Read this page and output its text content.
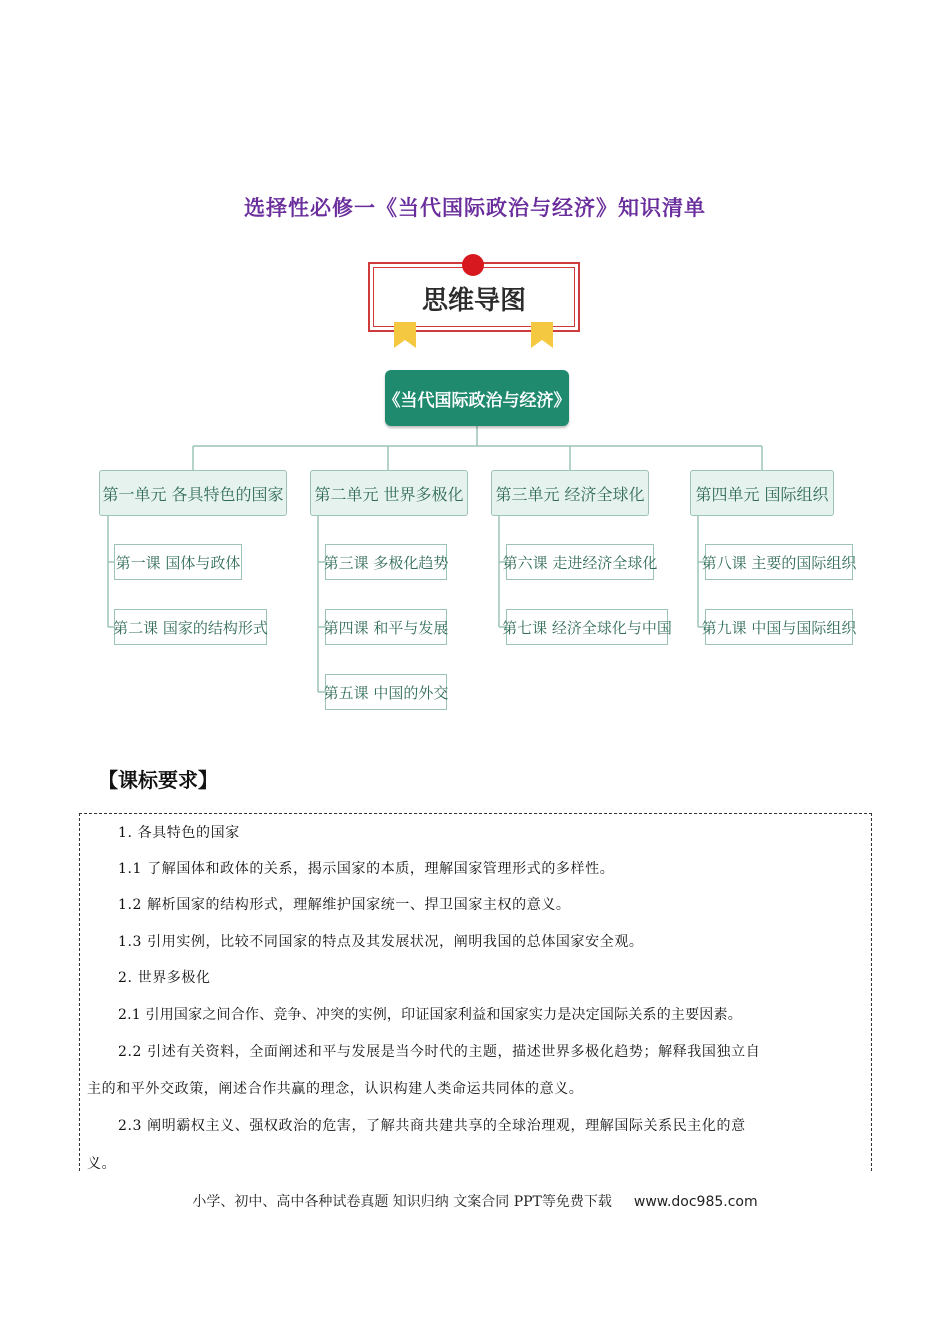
选择性必修一《当代国际政治与经济》知识清单
思维导图
《当代国际政治与经济》
第一单元 各具特色的国家 第二单元 世界多极化 第三单元 经济全球化	第四单元 国际组织
第一课 国体与政体
第二课 国家的结构形式
第三课 多极化趋势
第四课 和平与发展
第五课 中国的外交
第六课 走进经济全球化
第七课 经济全球化与中国
第八课 主要的国际组织
第九课 中国与国际组织
【课标要求】
1. 各具特色的国家
1.1 了解国体和政体的关系，揭示国家的本质，理解国家管理形式的多样性。
1.2 解析国家的结构形式，理解维护国家统一、捍卫国家主权的意义。
1.3 引用实例，比较不同国家的特点及其发展状况，阐明我国的总体国家安全观。
2. 世界多极化
2.1 引用国家之间合作、竞争、冲突的实例，印证国家利益和国家实力是决定国际关系的主要因素。
2.2 引述有关资料，全面阐述和平与发展是当今时代的主题，描述世界多极化趋势；解释我国独立自
主的和平外交政策，阐述合作共赢的理念，认识构建人类命运共同体的意义。
2.3 阐明霸权主义、强权政治的危害，了解共商共建共享的全球治理观，理解国际关系民主化的意
义。
小学、初中、高中各种试卷真题 知识归纳 文案合同 PPT等免费下载 www.doc985.com
